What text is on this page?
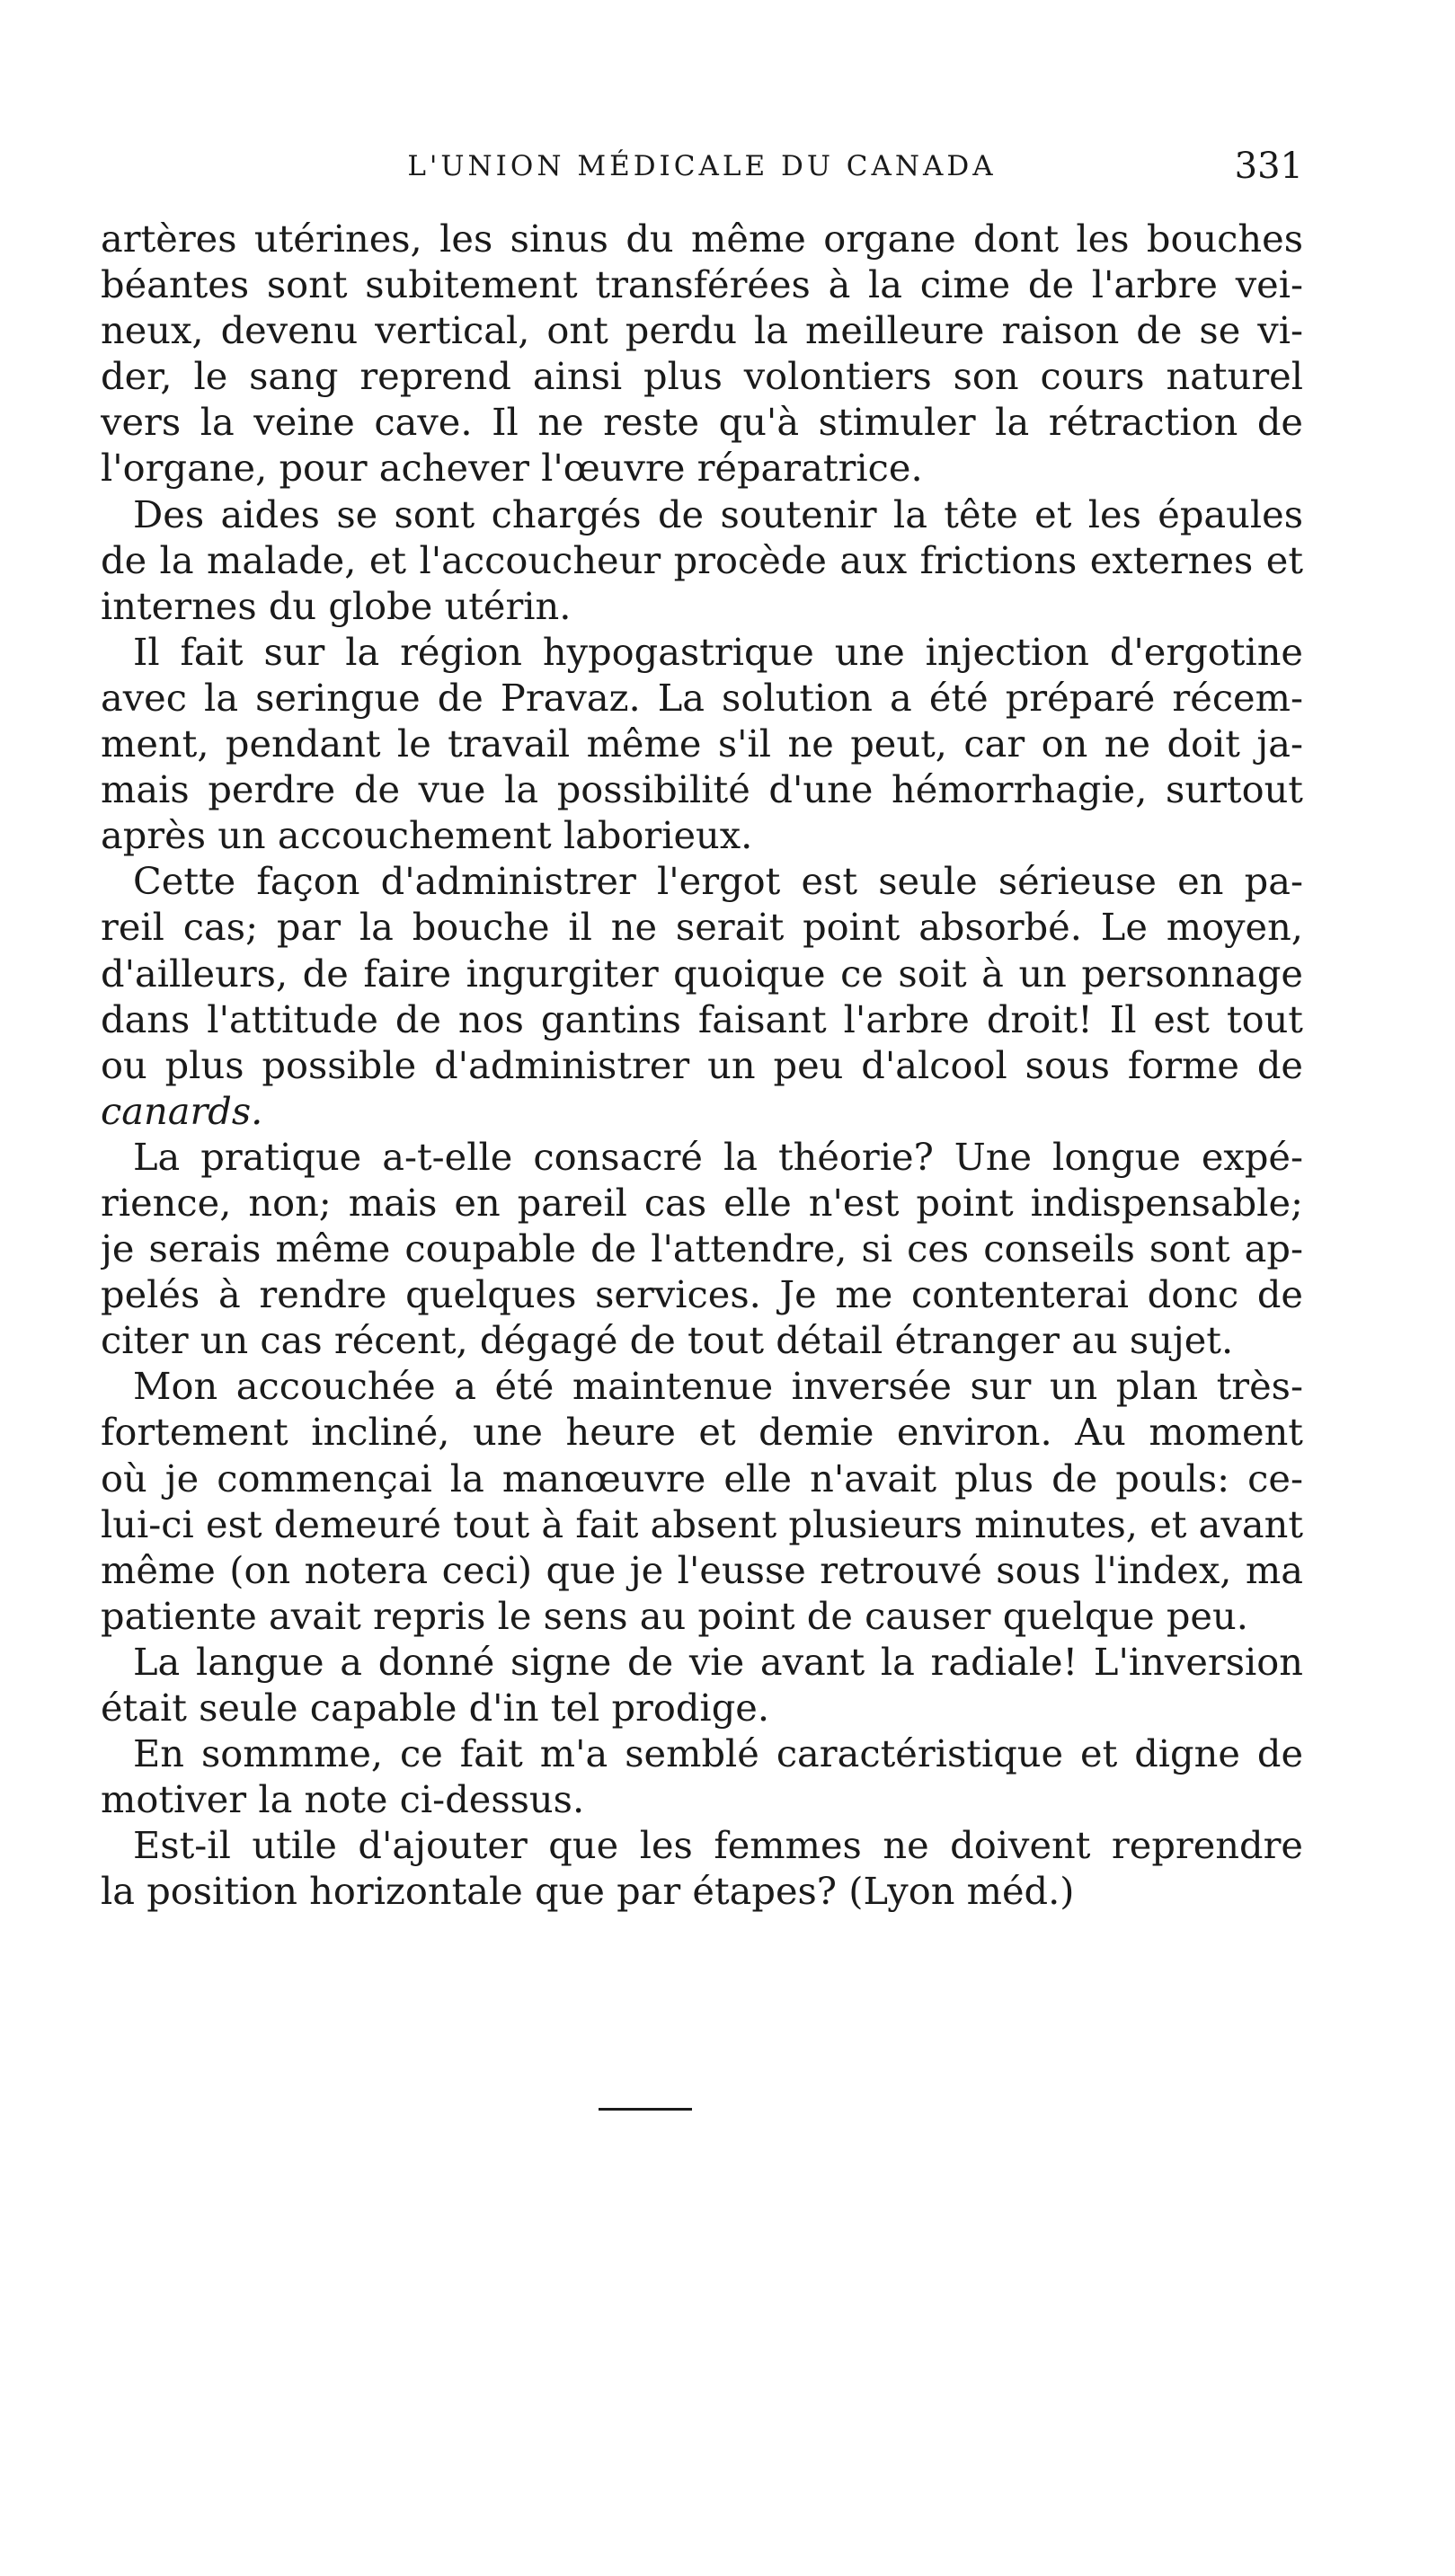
L'UNION MÉDICALE DU CANADA	331
artères utérines, les sinus du même organe dont les bouches
béantes sont subitement transférées à la cime de l'arbre vei-
neux, devenu vertical, ont perdu la meilleure raison de se vi-
der, le sang reprend ainsi plus volontiers son cours naturel
vers la veine cave. Il ne reste qu'à stimuler la rétraction de
l'organe, pour achever l'œuvre réparatrice.
Des aides se sont chargés de soutenir la tête et les épaules
de la malade, et l'accoucheur procède aux frictions externes et
internes du globe utérin.
Il fait sur la région hypogastrique une injection d'ergotine
avec la seringue de Pravaz. La solution a été préparé récem-
ment, pendant le travail même s'il ne peut, car on ne doit ja-
mais perdre de vue la possibilité d'une hémorrhagie, surtout
après un accouchement laborieux.
Cette façon d'administrer l'ergot est seule sérieuse en pa-
reil cas; par la bouche il ne serait point absorbé. Le moyen,
d'ailleurs, de faire ingurgiter quoique ce soit à un personnage
dans l'attitude de nos gantins faisant l'arbre droit! Il est tout
ou plus possible d'administrer un peu d'alcool sous forme de
canards.
La pratique a-t-elle consacré la théorie? Une longue expé-
rience, non; mais en pareil cas elle n'est point indispensable;
je serais même coupable de l'attendre, si ces conseils sont ap-
pelés à rendre quelques services. Je me contenterai donc de
citer un cas récent, dégagé de tout détail étranger au sujet.
Mon accouchée a été maintenue inversée sur un plan très-
fortement incliné, une heure et demie environ. Au moment
où je commençai la manœuvre elle n'avait plus de pouls: ce-
lui-ci est demeuré tout à fait absent plusieurs minutes, et avant
même (on notera ceci) que je l'eusse retrouvé sous l'index, ma
patiente avait repris le sens au point de causer quelque peu.
La langue a donné signe de vie avant la radiale! L'inversion
était seule capable d'in tel prodige.
En sommme, ce fait m'a semblé caractéristique et digne de
motiver la note ci-dessus.
Est-il utile d'ajouter que les femmes ne doivent reprendre
la position horizontale que par étapes? (Lyon méd.)
